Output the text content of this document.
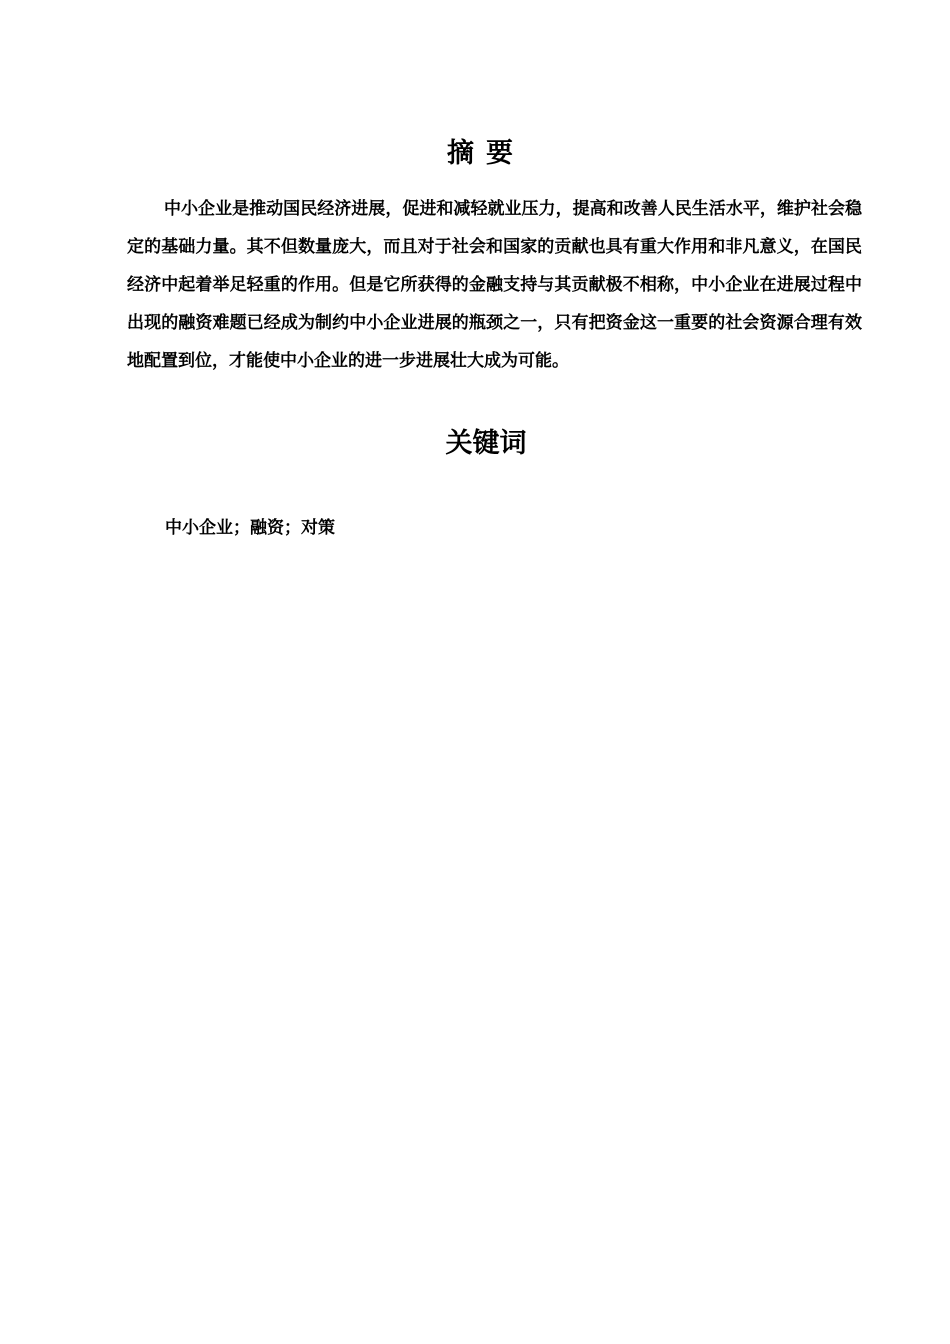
摘要

中小企业是推动国民经济进展，促进和减轻就业压力，提高和改善人民生活水平，维护社会稳定的基础力量。其不但数量庞大，而且对于社会和国家的贡献也具有重大作用和非凡意义，在国民经济中起着举足轻重的作用。但是它所获得的金融支持与其贡献极不相称，中小企业在进展过程中出现的融资难题已经成为制约中小企业进展的瓶颈之一，只有把资金这一重要的社会资源合理有效地配置到位，才能使中小企业的进一步进展壮大成为可能。

关键词

中小企业；融资；对策
